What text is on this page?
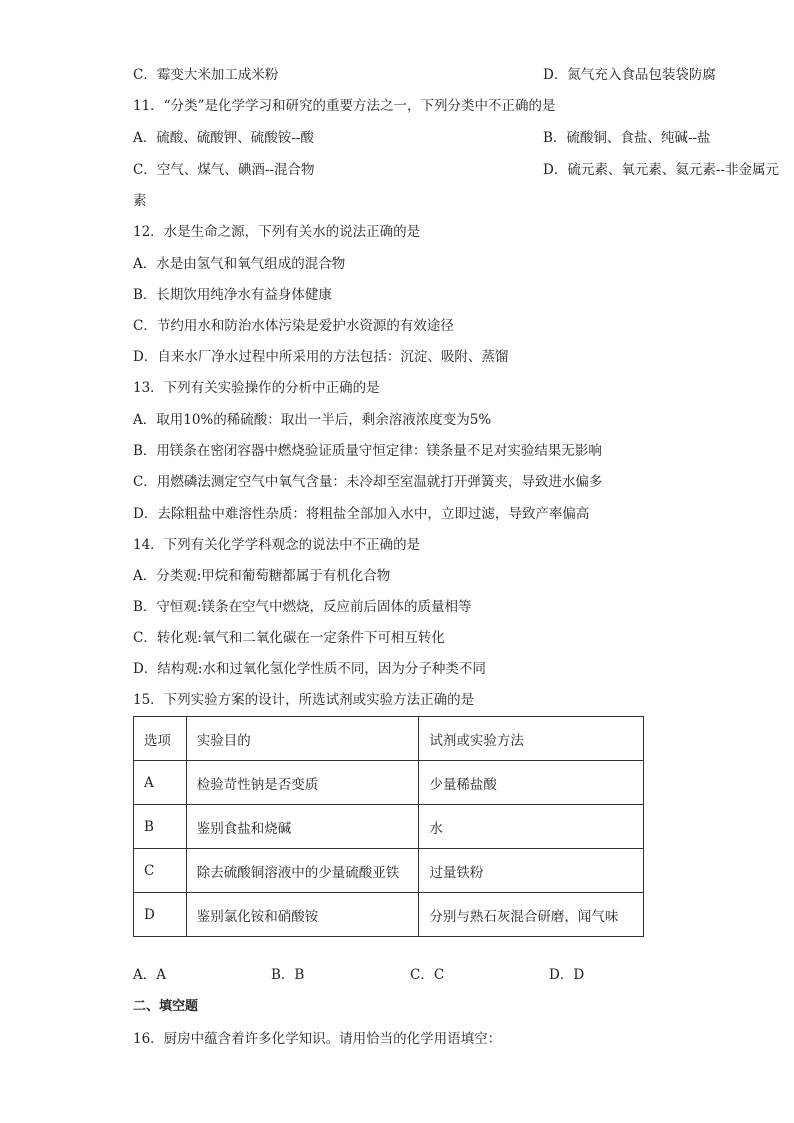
C．霉变大米加工成米粉	D．氮气充入食品包装袋防腐
11．“分类”是化学学习和研究的重要方法之一，下列分类中不正确的是
A．硫酸、硫酸钾、硫酸铵--酸	B．硫酸铜、食盐、纯碱--盐
C．空气、煤气、碘酒--混合物	D．硫元素、氧元素、氦元素--非金属元
素
12．水是生命之源，下列有关水的说法正确的是
A．水是由氢气和氧气组成的混合物
B．长期饮用纯净水有益身体健康
C．节约用水和防治水体污染是爱护水资源的有效途径
D．自来水厂净水过程中所采用的方法包括：沉淀、吸附、蒸馏
13．下列有关实验操作的分析中正确的是
A．取用10%的稀硫酸：取出一半后，剩余溶液浓度变为5%
B．用镁条在密闭容器中燃烧验证质量守恒定律：镁条量不足对实验结果无影响
C．用燃磷法测定空气中氧气含量：未冷却至室温就打开弹簧夹，导致进水偏多
D．去除粗盐中难溶性杂质：将粗盐全部加入水中，立即过滤，导致产率偏高
14．下列有关化学学科观念的说法中不正确的是
A．分类观:甲烷和葡萄糖都属于有机化合物
B．守恒观:镁条在空气中燃烧，反应前后固体的质量相等
C．转化观:氧气和二氧化碳在一定条件下可相互转化
D．结构观:水和过氧化氢化学性质不同，因为分子种类不同
15．下列实验方案的设计，所选试剂或实验方法正确的是
选项	实验目的	试剂或实验方法
A	检验苛性钠是否变质	少量稀盐酸
B	鉴别食盐和烧碱	水
C	除去硫酸铜溶液中的少量硫酸亚铁	过量铁粉
D	鉴别氯化铵和硝酸铵	分别与熟石灰混合研磨，闻气味
A．A	B．B	C．C	D．D
二、填空题
16．厨房中蕴含着许多化学知识。请用恰当的化学用语填空：
